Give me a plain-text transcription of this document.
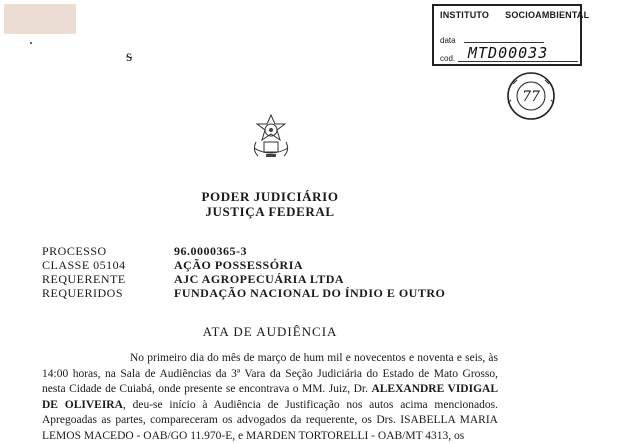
ᵴ
INSTITUTO SOCIOAMBIENTAL
data
cod. MTD00033
77
PODER JUDICIÁRIO
JUSTIÇA FEDERAL
PROCESSO	96.0000365-3
CLASSE 05104	AÇÃO POSSESSÓRIA
REQUERENTE	AJC AGROPECUÁRIA LTDA
REQUERIDOS	FUNDAÇÃO NACIONAL DO ÍNDIO E OUTRO
ATA DE AUDIÊNCIA

No primeiro dia do mês de março de hum mil e novecentos e noventa e seis, às 14:00 horas, na Sala de Audiências da 3ª Vara da Seção Judiciária do Estado de Mato Grosso, nesta Cidade de Cuiabá, onde presente se encontrava o MM. Juiz, Dr. ALEXANDRE VIDIGAL DE OLIVEIRA, deu-se início à Audiência de Justificação nos autos acima mencionados. Apregoadas as partes, compareceram os advogados da requerente, os Drs. ISABELLA MARIA LEMOS MACEDO - OAB/GO 11.970-E, e MARDEN TORTORELLI - OAB/MT 4313, os
